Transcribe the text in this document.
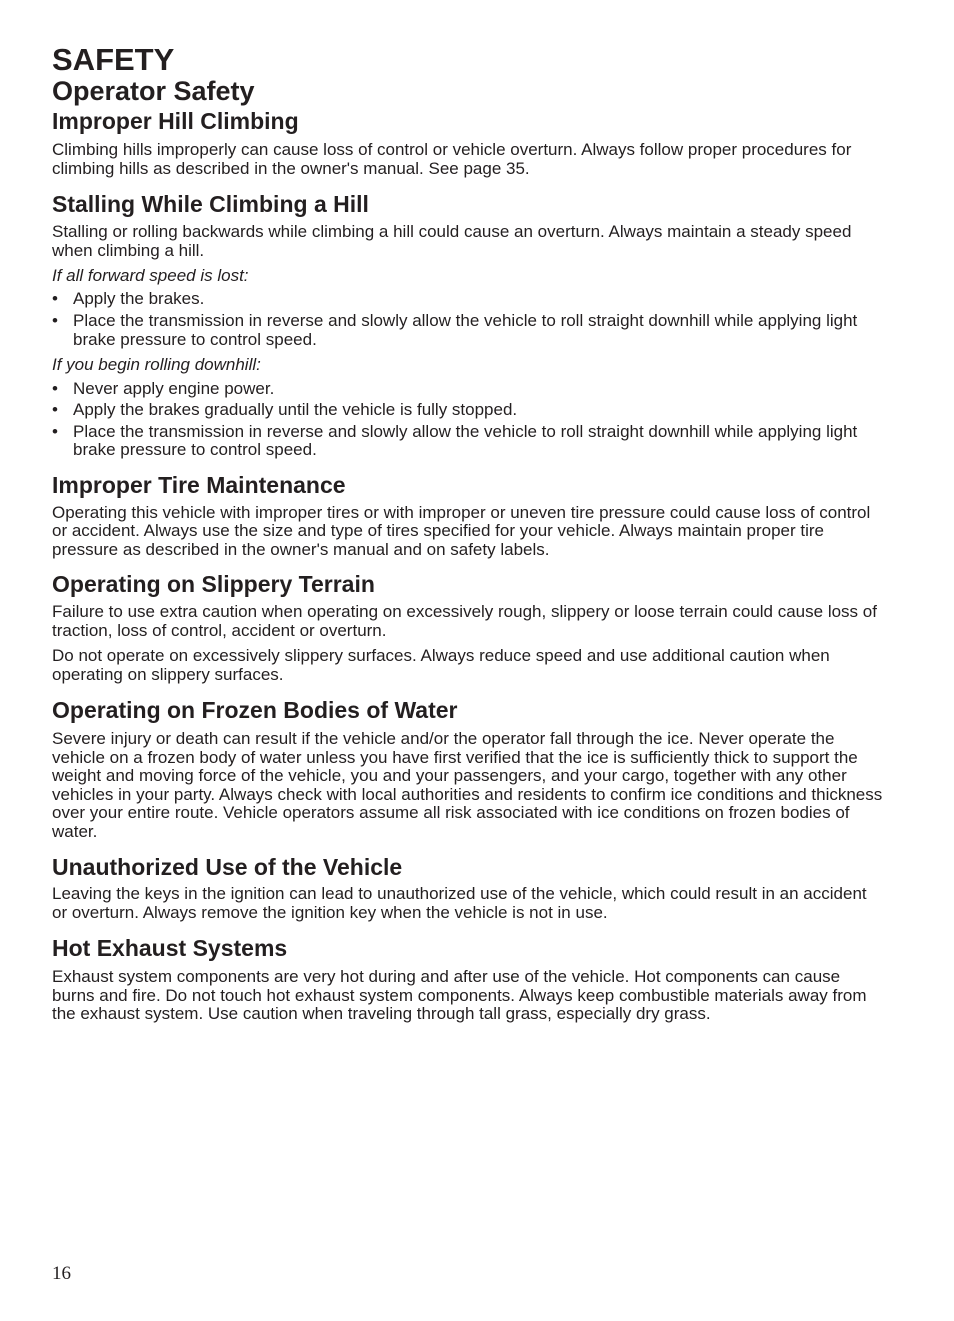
SAFETY
Operator Safety
Improper Hill Climbing

Climbing hills improperly can cause loss of control or vehicle overturn. Always follow proper procedures for climbing hills as described in the owner's manual. See page 35.

Stalling While Climbing a Hill

Stalling or rolling backwards while climbing a hill could cause an overturn. Always maintain a steady speed when climbing a hill.

If all forward speed is lost:

• Apply the brakes.
• Place the transmission in reverse and slowly allow the vehicle to roll straight downhill while applying light brake pressure to control speed.

If you begin rolling downhill:

• Never apply engine power.
• Apply the brakes gradually until the vehicle is fully stopped.
• Place the transmission in reverse and slowly allow the vehicle to roll straight downhill while applying light brake pressure to control speed.
Improper Tire Maintenance

Operating this vehicle with improper tires or with improper or uneven tire pressure could cause loss of control or accident. Always use the size and type of tires specified for your vehicle. Always maintain proper tire pressure as described in the owner's manual and on safety labels.

Operating on Slippery Terrain

Failure to use extra caution when operating on excessively rough, slippery or loose terrain could cause loss of traction, loss of control, accident or overturn.

Do not operate on excessively slippery surfaces. Always reduce speed and use additional caution when operating on slippery surfaces.

Operating on Frozen Bodies of Water

Severe injury or death can result if the vehicle and/or the operator fall through the ice. Never operate the vehicle on a frozen body of water unless you have first verified that the ice is sufficiently thick to support the weight and moving force of the vehicle, you and your passengers, and your cargo, together with any other vehicles in your party. Always check with local authorities and residents to confirm ice conditions and thickness over your entire route. Vehicle operators assume all risk associated with ice conditions on frozen bodies of water.

Unauthorized Use of the Vehicle

Leaving the keys in the ignition can lead to unauthorized use of the vehicle, which could result in an accident or overturn. Always remove the ignition key when the vehicle is not in use.

Hot Exhaust Systems

Exhaust system components are very hot during and after use of the vehicle. Hot components can cause burns and fire. Do not touch hot exhaust system components. Always keep combustible materials away from the exhaust system. Use caution when traveling through tall grass, especially dry grass.

16
